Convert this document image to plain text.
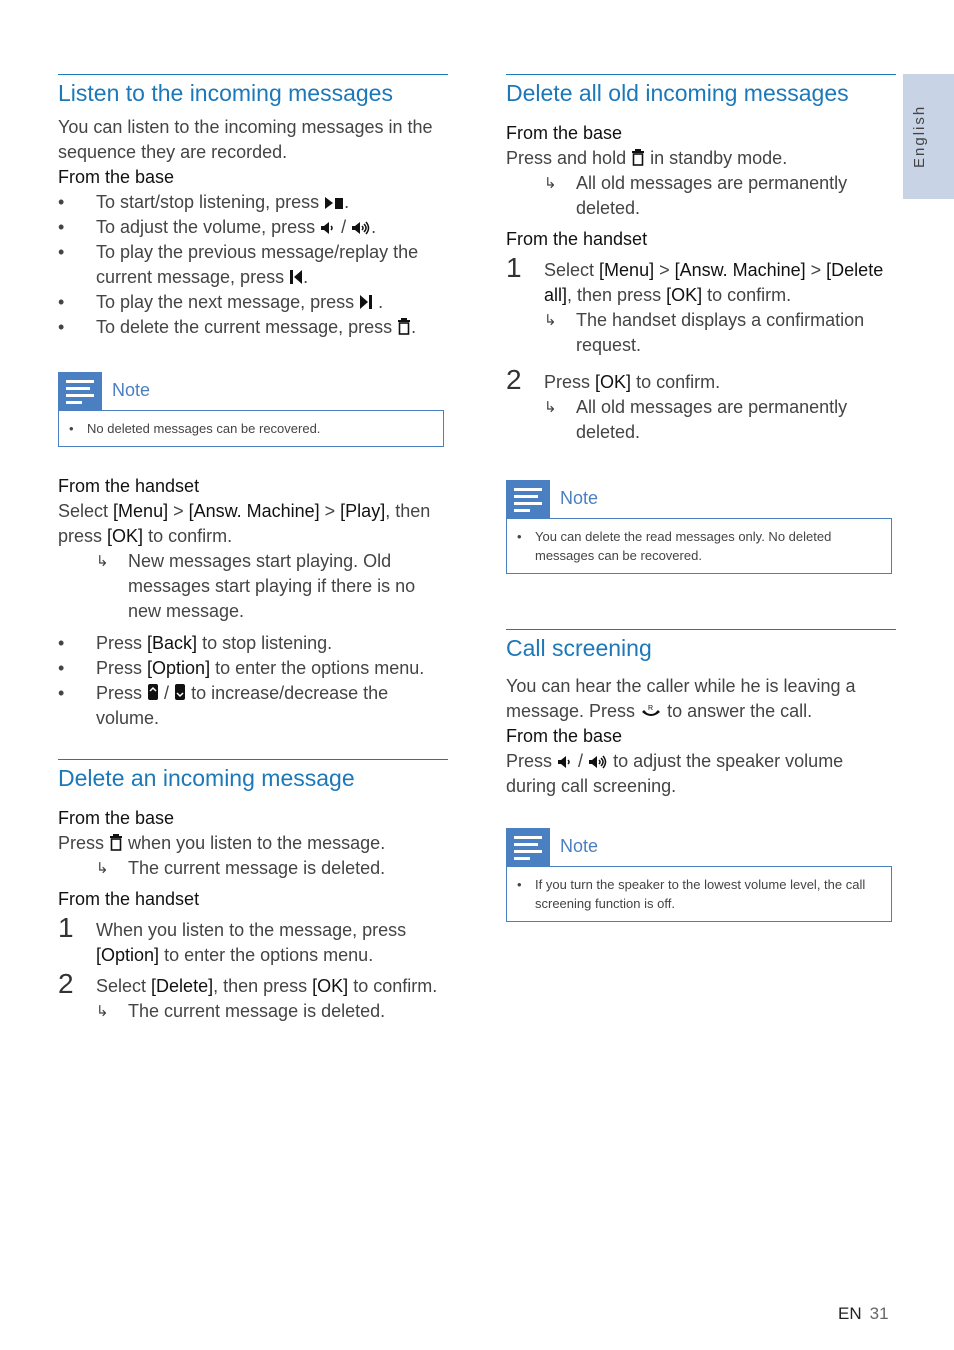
English
Listen to the incoming messages
You can listen to the incoming messages in the sequence they are recorded.
From the base
• To start/stop listening, press .
• To adjust the volume, press  / .
• To play the previous message/replay the current message, press .
• To play the next message, press  .
• To delete the current message, press .
Note
• No deleted messages can be recovered.
From the handset
Select [Menu] > [Answ. Machine] > [Play], then press [OK] to confirm.
↳ New messages start playing. Old messages start playing if there is no new message.
• Press [Back] to stop listening.
• Press [Option] to enter the options menu.
• Press  /  to increase/decrease the volume.
Delete an incoming message
From the base
Press when you listen to the message.
↳ The current message is deleted.
From the handset
1 When you listen to the message, press [Option] to enter the options menu.
2 Select [Delete], then press [OK] to confirm.
↳ The current message is deleted.
Delete all old incoming messages
From the base
Press and hold in standby mode.
↳ All old messages are permanently deleted.
From the handset
1 Select [Menu] > [Answ. Machine] > [Delete all], then press [OK] to confirm.
↳ The handset displays a confirmation request.
2 Press [OK] to confirm.
↳ All old messages are permanently deleted.
Note
• You can delete the read messages only. No deleted messages can be recovered.
Call screening
You can hear the caller while he is leaving a message. Press R to answer the call.
From the base
Press  /  to adjust the speaker volume during call screening.
Note
• If you turn the speaker to the lowest volume level, the call screening function is off.
EN 31
